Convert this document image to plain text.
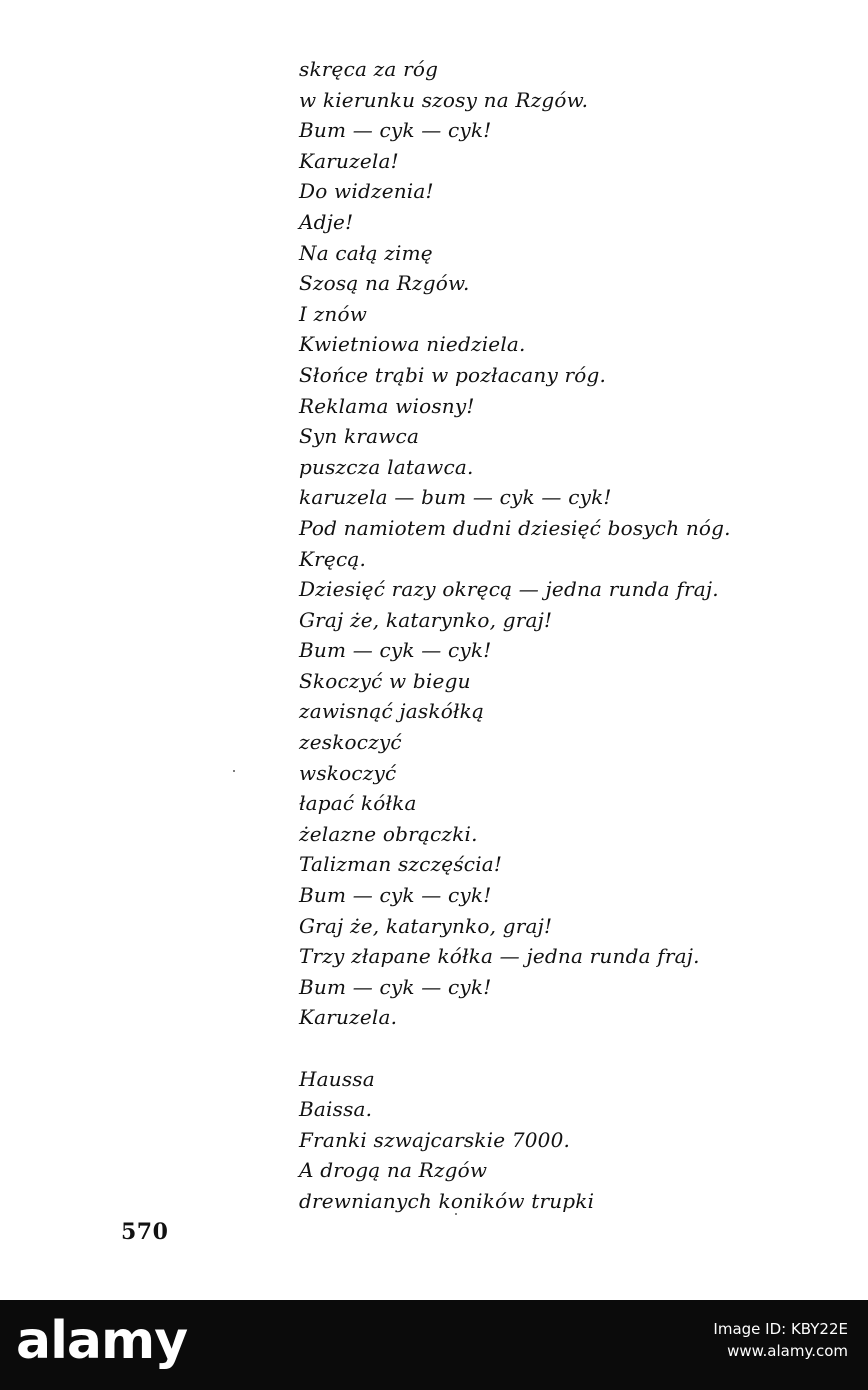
skręca za róg
w kierunku szosy na Rzgów.
Bum — cyk — cyk!
Karuzela!
Do widzenia!
Adje!
Na całą zimę
Szosą na Rzgów.
I znów
Kwietniowa niedziela.
Słońce trąbi w pozłacany róg.
Reklama wiosny!
Syn krawca
puszcza latawca.
karuzela — bum — cyk — cyk!
Pod namiotem dudni dziesięć bosych nóg.
Kręcą.
Dziesięć razy okręcą — jedna runda fraj.
Graj że, katarynko, graj!
Bum — cyk — cyk!
Skoczyć w biegu
zawisnąć jaskółką
zeskoczyć
wskoczyć
łapać kółka
żelazne obrączki.
Talizman szczęścia!
Bum — cyk — cyk!
Graj że, katarynko, graj!
Trzy złapane kółka — jedna runda fraj.
Bum — cyk — cyk!
Karuzela.
Haussa
Baissa.
Franki szwajcarskie 7000.
A drogą na Rzgów
drewnianych koników trupki
570
alamy	Image ID: KBY22E
www.alamy.com
